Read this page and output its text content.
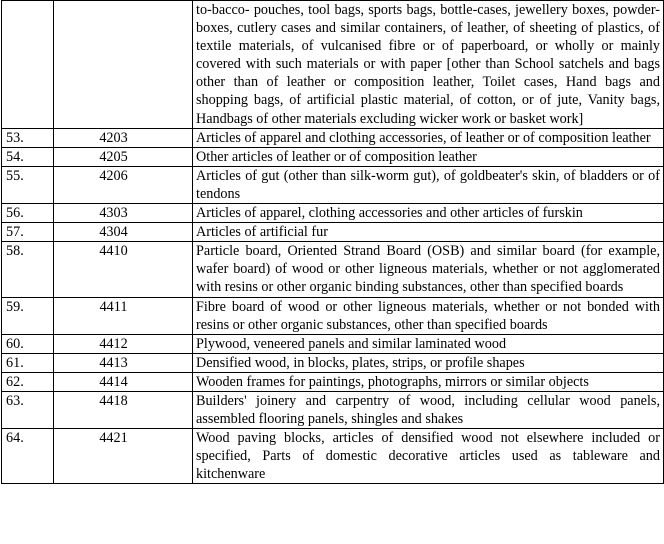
		to-bacco- pouches, tool bags, sports bags, bottle-cases, jewellery boxes, powder-boxes, cutlery cases and similar containers, of leather, of sheeting of plastics, of textile materials, of vulcanised fibre or of paperboard, or wholly or mainly covered with such materials or with paper [other than School satchels and bags other than of leather or composition leather, Toilet cases, Hand bags and shopping bags, of artificial plastic material, of cotton, or of jute, Vanity bags, Handbags of other materials excluding wicker work or basket work]
53.	4203	Articles of apparel and clothing accessories, of leather or of composition leather
54.	4205	Other articles of leather or of composition leather
55.	4206	Articles of gut (other than silk-worm gut), of goldbeater's skin, of bladders or of tendons
56.	4303	Articles of apparel, clothing accessories and other articles of furskin
57.	4304	Articles of artificial fur
58.	4410	Particle board, Oriented Strand Board (OSB) and similar board (for example, wafer board) of wood or other ligneous materials, whether or not agglomerated with resins or other organic binding substances, other than specified boards
59.	4411	Fibre board of wood or other ligneous materials, whether or not bonded with resins or other organic substances, other than specified boards
60.	4412	Plywood, veneered panels and similar laminated wood
61.	4413	Densified wood, in blocks, plates, strips, or profile shapes
62.	4414	Wooden frames for paintings, photographs, mirrors or similar objects
63.	4418	Builders' joinery and carpentry of wood, including cellular wood panels, assembled flooring panels, shingles and shakes
64.	4421	Wood paving blocks, articles of densified wood not elsewhere included or specified, Parts of domestic decorative articles used as tableware and kitchenware
